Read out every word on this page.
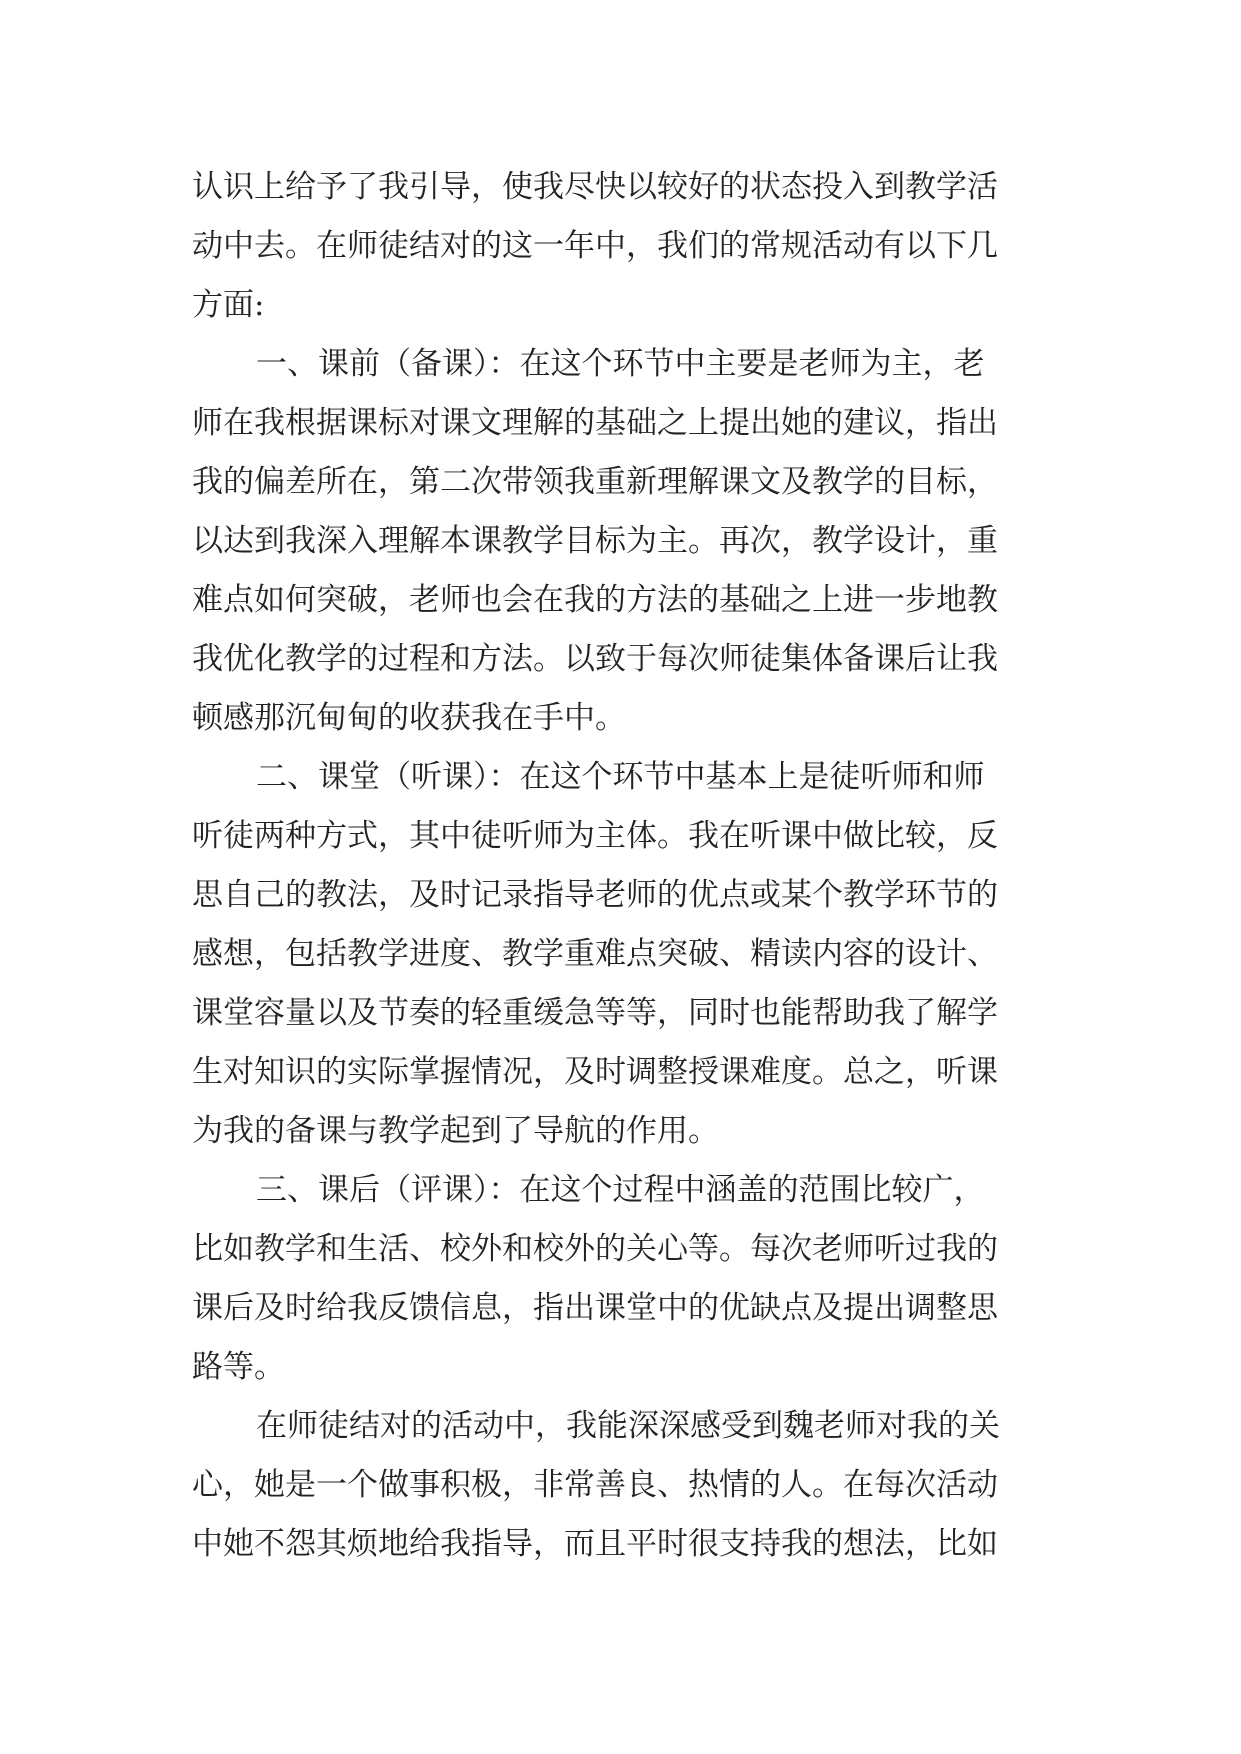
认识上给予了我引导，使我尽快以较好的状态投入到教学活
动中去。在师徒结对的这一年中，我们的常规活动有以下几
方面:
一、课前（备课）：在这个环节中主要是老师为主，老
师在我根据课标对课文理解的基础之上提出她的建议，指出
我的偏差所在，第二次带领我重新理解课文及教学的目标，
以达到我深入理解本课教学目标为主。再次，教学设计，重
难点如何突破，老师也会在我的方法的基础之上进一步地教
我优化教学的过程和方法。以致于每次师徒集体备课后让我
顿感那沉甸甸的收获我在手中。
二、课堂（听课）：在这个环节中基本上是徒听师和师
听徒两种方式，其中徒听师为主体。我在听课中做比较，反
思自己的教法，及时记录指导老师的优点或某个教学环节的
感想，包括教学进度、教学重难点突破、精读内容的设计、
课堂容量以及节奏的轻重缓急等等，同时也能帮助我了解学
生对知识的实际掌握情况，及时调整授课难度。总之，听课
为我的备课与教学起到了导航的作用。
三、课后（评课）：在这个过程中涵盖的范围比较广，
比如教学和生活、校外和校外的关心等。每次老师听过我的
课后及时给我反馈信息，指出课堂中的优缺点及提出调整思
路等。
在师徒结对的活动中，我能深深感受到魏老师对我的关
心，她是一个做事积极，非常善良、热情的人。在每次活动
中她不怨其烦地给我指导，而且平时很支持我的想法，比如
